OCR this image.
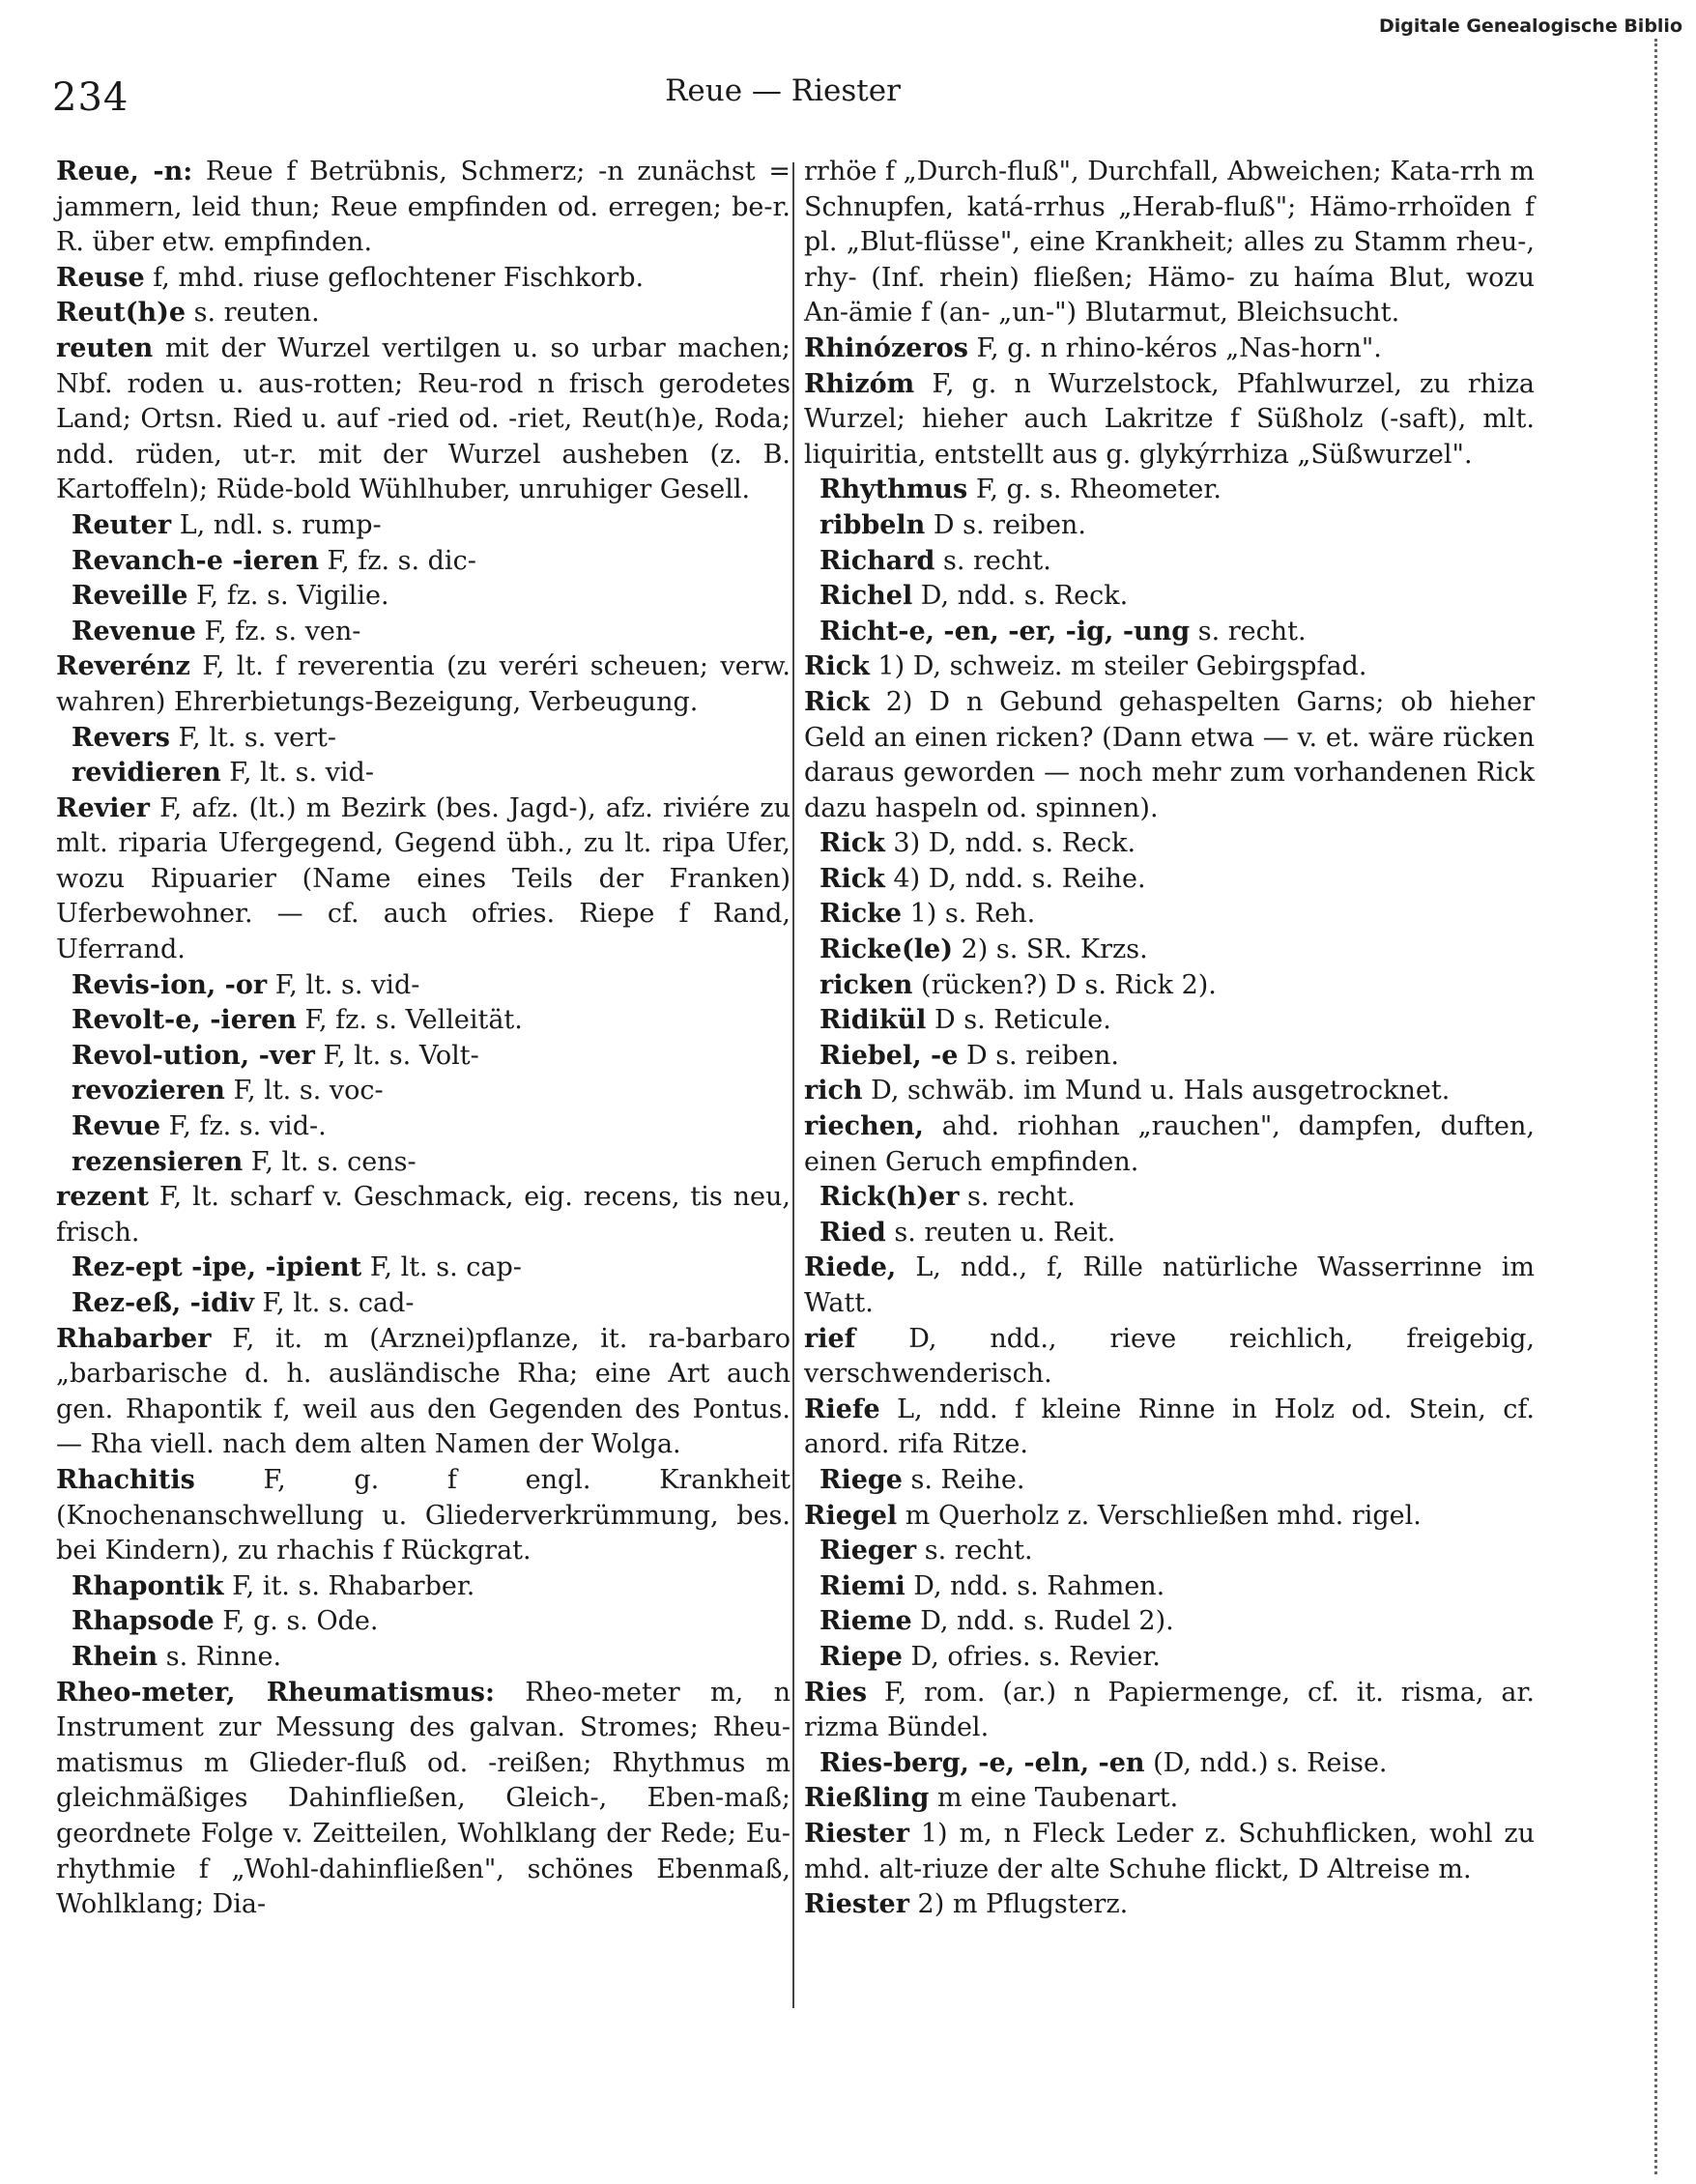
Digitale Genealogische Biblio
234	Reue — Riester

Reue, -n: Reue f Betrübnis, Schmerz; -n zunächst = jammern, leid thun; Reue empfinden od. erregen; be-r. R. über etw. empfinden.

Reuse f, mhd. riuse geflochtener Fischkorb.

Reut(h)e s. reuten.

reuten mit der Wurzel vertilgen u. so urbar machen; Nbf. roden u. aus-rotten; Reu-rod n frisch gerodetes Land; Ortsn. Ried u. auf -ried od. -riet, Reut(h)e, Roda; ndd. rüden, ut-r. mit der Wurzel ausheben (z. B. Kartoffeln); Rüde-bold Wühlhuber, unruhiger Gesell.

Reuter L, ndl. s. rump-

Revanch-e -ieren F, fz. s. dic-

Reveille F, fz. s. Vigilie.

Revenue F, fz. s. ven-

Reverénz F, lt. f reverentia (zu veréri scheuen; verw. wahren) Ehrerbietungs-Bezeigung, Verbeugung.

Revers F, lt. s. vert-

revidieren F, lt. s. vid-

Revier F, afz. (lt.) m Bezirk (bes. Jagd-), afz. riviére zu mlt. riparia Ufergegend, Gegend übh., zu lt. ripa Ufer, wozu Ripuarier (Name eines Teils der Franken) Uferbewohner. — cf. auch ofries. Riepe f Rand, Uferrand.

Revis-ion, -or F, lt. s. vid-

Revolt-e, -ieren F, fz. s. Velleität.

Revol-ution, -ver F, lt. s. Volt-

revozieren F, lt. s. voc-

Revue F, fz. s. vid-.

rezensieren F, lt. s. cens-

rezent F, lt. scharf v. Geschmack, eig. recens, tis neu, frisch.

Rez-ept -ipe, -ipient F, lt. s. cap-

Rez-eß, -idiv F, lt. s. cad-

Rhabarber F, it. m (Arznei)pflanze, it. ra-barbaro „barbarische d. h. ausländische Rha; eine Art auch gen. Rhapontik f, weil aus den Gegenden des Pontus. — Rha viell. nach dem alten Namen der Wolga.

Rhachitis F, g. f engl. Krankheit (Knochenanschwellung u. Gliederverkrümmung, bes. bei Kindern), zu rhachis f Rückgrat.

Rhapontik F, it. s. Rhabarber.

Rhapsode F, g. s. Ode.

Rhein s. Rinne.

Rheo-meter, Rheumatismus: Rheo-meter m, n Instrument zur Messung des galvan. Stromes; Rheu-matismus m Glieder-fluß od. -reißen; Rhythmus m gleichmäßiges Dahinfließen, Gleich-, Eben-maß; geordnete Folge v. Zeitteilen, Wohlklang der Rede; Eu-rhythmie f „Wohl-dahinfließen", schönes Ebenmaß, Wohlklang; Dia-

rrhöe f „Durch-fluß", Durchfall, Abweichen; Kata-rrh m Schnupfen, katá-rrhus „Herab-fluß"; Hämo-rrhoïden f pl. „Blut-flüsse", eine Krankheit; alles zu Stamm rheu-, rhy- (Inf. rhein) fließen; Hämo- zu haíma Blut, wozu An-ämie f (an- „un-") Blutarmut, Bleichsucht.

Rhinózeros F, g. n rhino-kéros „Nas-horn".

Rhizóm F, g. n Wurzelstock, Pfahlwurzel, zu rhiza Wurzel; hieher auch Lakritze f Süßholz (-saft), mlt. liquiritia, entstellt aus g. glykýrrhiza „Süßwurzel".

Rhythmus F, g. s. Rheometer.

ribbeln D s. reiben.

Richard s. recht.

Richel D, ndd. s. Reck.

Richt-e, -en, -er, -ig, -ung s. recht.

Rick 1) D, schweiz. m steiler Gebirgspfad.

Rick 2) D n Gebund gehaspelten Garns; ob hieher Geld an einen ricken? (Dann etwa — v. et. wäre rücken daraus geworden — noch mehr zum vorhandenen Rick dazu haspeln od. spinnen).

Rick 3) D, ndd. s. Reck.

Rick 4) D, ndd. s. Reihe.

Ricke 1) s. Reh.

Ricke(le) 2) s. SR. Krzs.

ricken (rücken?) D s. Rick 2).

Ridikül D s. Reticule.

Riebel, -e D s. reiben.

rich D, schwäb. im Mund u. Hals ausgetrocknet.

riechen, ahd. riohhan „rauchen", dampfen, duften, einen Geruch empfinden.

Rick(h)er s. recht.

Ried s. reuten u. Reit.

Riede, L, ndd., f, Rille natürliche Wasserrinne im Watt.

rief D, ndd., rieve reichlich, freigebig, verschwenderisch.

Riefe L, ndd. f kleine Rinne in Holz od. Stein, cf. anord. rifa Ritze.

Riege s. Reihe.

Riegel m Querholz z. Verschließen mhd. rigel.

Rieger s. recht.

Riemi D, ndd. s. Rahmen.

Rieme D, ndd. s. Rudel 2).

Riepe D, ofries. s. Revier.

Ries F, rom. (ar.) n Papiermenge, cf. it. risma, ar. rizma Bündel.

Ries-berg, -e, -eln, -en (D, ndd.) s. Reise.

Rießling m eine Taubenart.

Riester 1) m, n Fleck Leder z. Schuhflicken, wohl zu mhd. alt-riuze der alte Schuhe flickt, D Altreise m.

Riester 2) m Pflugsterz.
